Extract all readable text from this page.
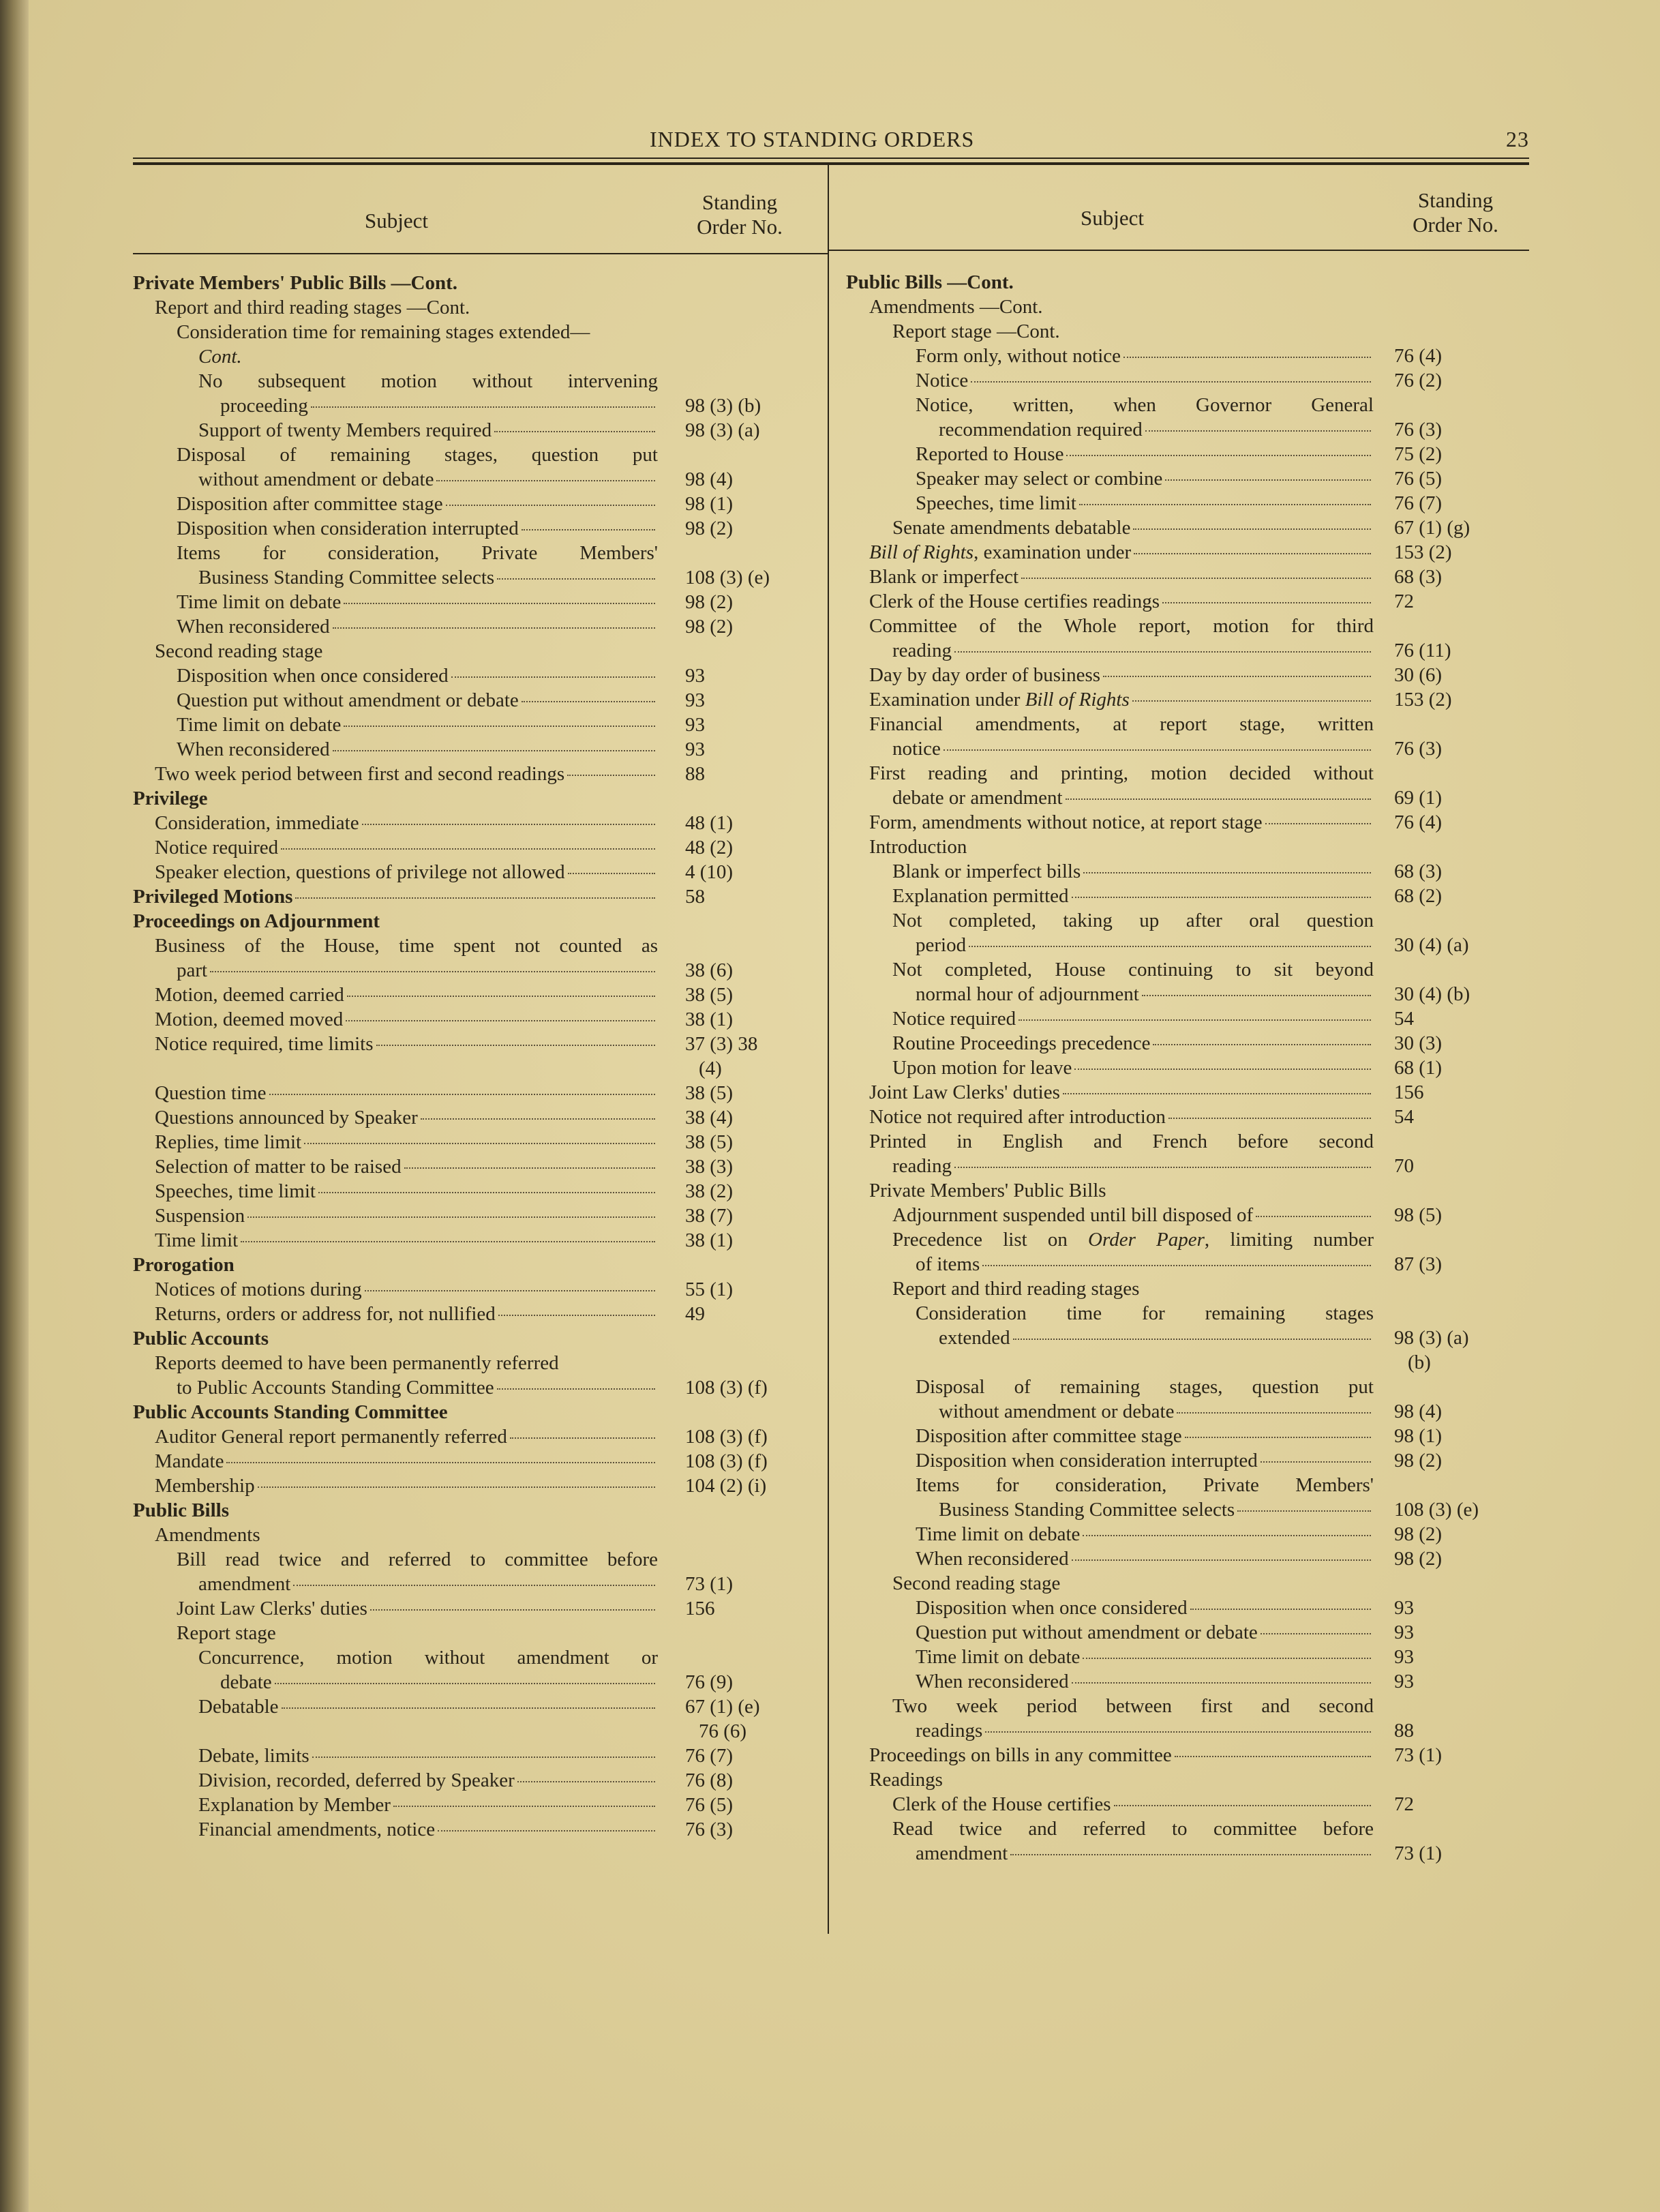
INDEX TO STANDING ORDERS	23
Subject
Standing
Order No.
Private Members' Public Bills —Cont.
Report and third reading stages —Cont.
Consideration time for remaining stages extended—
Cont.
No subsequent motion without intervening
proceeding	98 (3) (b)
Support of twenty Members required	98 (3) (a)
Disposal of remaining stages, question put
without amendment or debate	98 (4)
Disposition after committee stage	98 (1)
Disposition when consideration interrupted	98 (2)
Items for consideration, Private Members'
Business Standing Committee selects	108 (3) (e)
Time limit on debate	98 (2)
When reconsidered	98 (2)
Second reading stage
Disposition when once considered	93
Question put without amendment or debate	93
Time limit on debate	93
When reconsidered	93
Two week period between first and second readings	88
Privilege
Consideration, immediate	48 (1)
Notice required	48 (2)
Speaker election, questions of privilege not allowed	4 (10)
Privileged Motions	58
Proceedings on Adjournment
Business of the House, time spent not counted as
part	38 (6)
Motion, deemed carried	38 (5)
Motion, deemed moved	38 (1)
Notice required, time limits	37 (3) 38
(4)
Question time	38 (5)
Questions announced by Speaker	38 (4)
Replies, time limit	38 (5)
Selection of matter to be raised	38 (3)
Speeches, time limit	38 (2)
Suspension	38 (7)
Time limit	38 (1)
Prorogation
Notices of motions during	55 (1)
Returns, orders or address for, not nullified	49
Public Accounts
Reports deemed to have been permanently referred
to Public Accounts Standing Committee	108 (3) (f)
Public Accounts Standing Committee
Auditor General report permanently referred	108 (3) (f)
Mandate	108 (3) (f)
Membership	104 (2) (i)
Public Bills
Amendments
Bill read twice and referred to committee before
amendment	73 (1)
Joint Law Clerks' duties	156
Report stage
Concurrence, motion without amendment or
debate	76 (9)
Debatable	67 (1) (e)
76 (6)
Debate, limits	76 (7)
Division, recorded, deferred by Speaker	76 (8)
Explanation by Member	76 (5)
Financial amendments, notice	76 (3)
Subject
Standing
Order No.
Public Bills —Cont.
Amendments —Cont.
Report stage —Cont.
Form only, without notice	76 (4)
Notice	76 (2)
Notice, written, when Governor General
recommendation required	76 (3)
Reported to House	75 (2)
Speaker may select or combine	76 (5)
Speeches, time limit	76 (7)
Senate amendments debatable	67 (1) (g)
Bill of Rights, examination under	153 (2)
Blank or imperfect	68 (3)
Clerk of the House certifies readings	72
Committee of the Whole report, motion for third
reading	76 (11)
Day by day order of business	30 (6)
Examination under Bill of Rights	153 (2)
Financial amendments, at report stage, written
notice	76 (3)
First reading and printing, motion decided without
debate or amendment	69 (1)
Form, amendments without notice, at report stage	76 (4)
Introduction
Blank or imperfect bills	68 (3)
Explanation permitted	68 (2)
Not completed, taking up after oral question
period	30 (4) (a)
Not completed, House continuing to sit beyond
normal hour of adjournment	30 (4) (b)
Notice required	54
Routine Proceedings precedence	30 (3)
Upon motion for leave	68 (1)
Joint Law Clerks' duties	156
Notice not required after introduction	54
Printed in English and French before second
reading	70
Private Members' Public Bills
Adjournment suspended until bill disposed of	98 (5)
Precedence list on Order Paper, limiting number
of items	87 (3)
Report and third reading stages
Consideration time for remaining stages
extended	98 (3) (a)
(b)
Disposal of remaining stages, question put
without amendment or debate	98 (4)
Disposition after committee stage	98 (1)
Disposition when consideration interrupted	98 (2)
Items for consideration, Private Members'
Business Standing Committee selects	108 (3) (e)
Time limit on debate	98 (2)
When reconsidered	98 (2)
Second reading stage
Disposition when once considered	93
Question put without amendment or debate	93
Time limit on debate	93
When reconsidered	93
Two week period between first and second
readings	88
Proceedings on bills in any committee	73 (1)
Readings
Clerk of the House certifies	72
Read twice and referred to committee before
amendment	73 (1)
